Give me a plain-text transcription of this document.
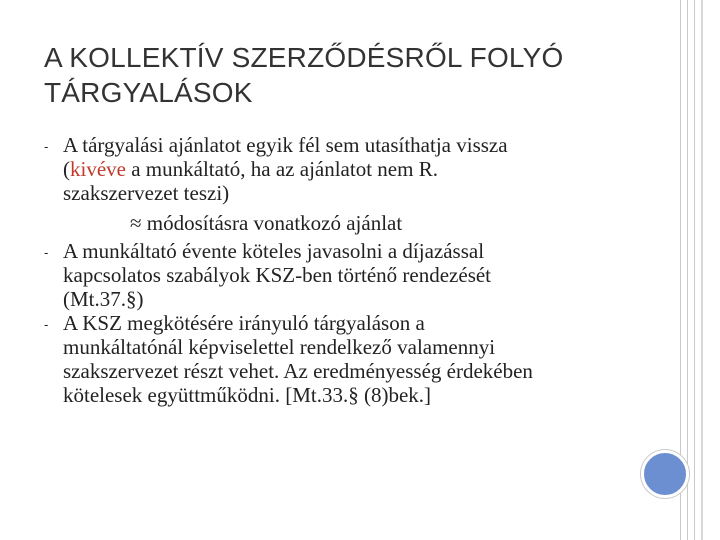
A KOLLEKTÍV SZERZŐDÉSRŐL FOLYÓ
TÁRGYALÁSOK
- A tárgyalási ajánlatot egyik fél sem utasíthatja vissza
(kivéve a munkáltató, ha az ajánlatot nem R.
szakszervezet teszi)
≈ módosításra vonatkozó ajánlat
- A munkáltató évente köteles javasolni a díjazással
kapcsolatos szabályok KSZ-ben történő rendezését
(Mt.37.§)
- A KSZ megkötésére irányuló tárgyaláson a
munkáltatónál képviselettel rendelkező valamennyi
szakszervezet részt vehet. Az eredményesség érdekében
kötelesek együttműködni. [Mt.33.§ (8)bek.]
